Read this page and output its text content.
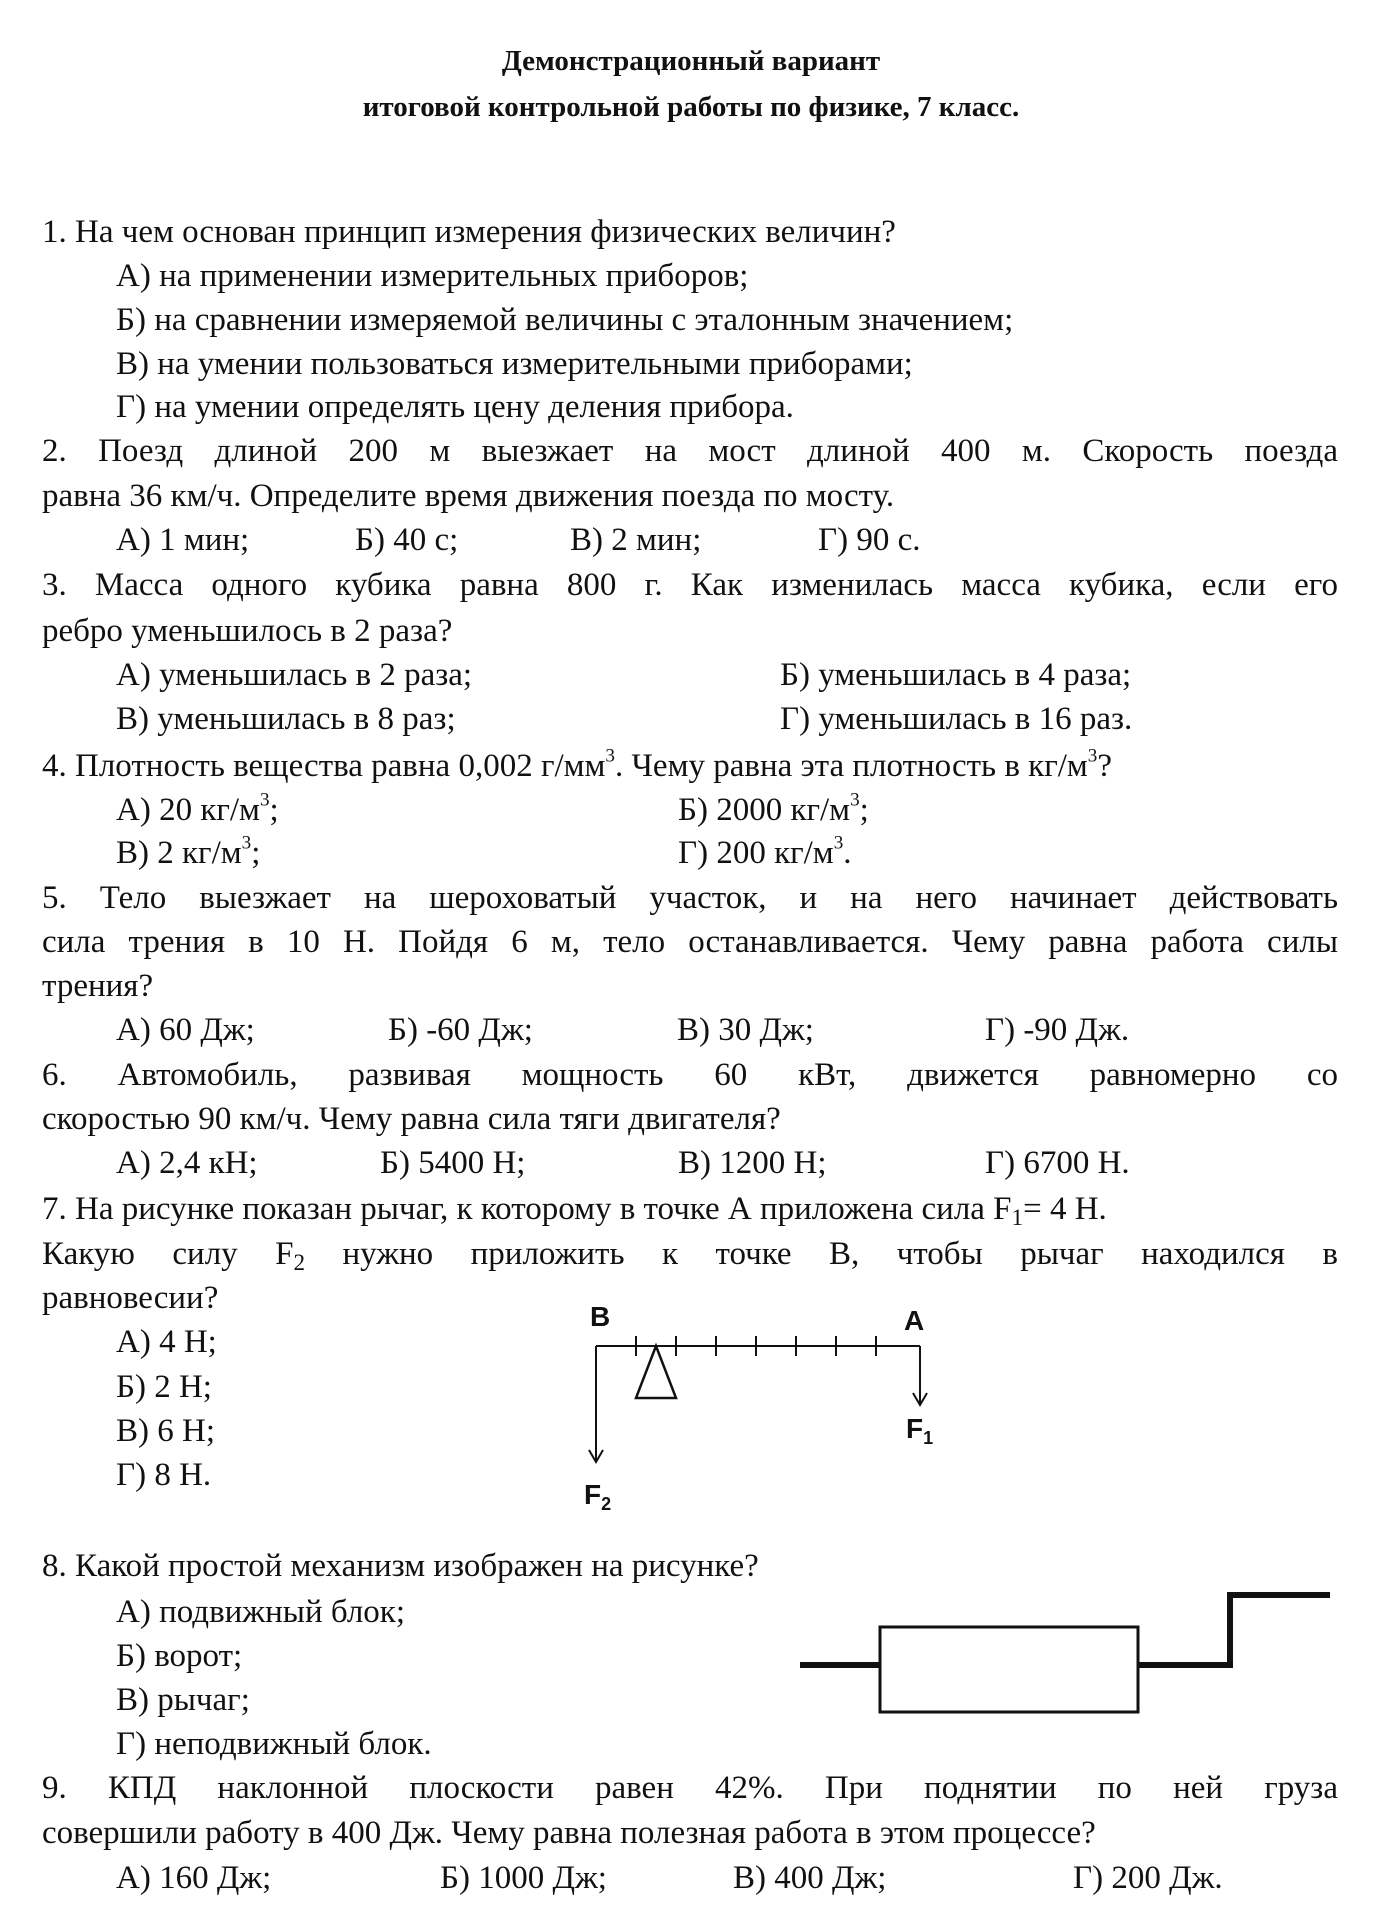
Демонстрационный вариант
итоговой контрольной работы по физике, 7 класс.
1. На чем основан принцип измерения физических величин?
А) на применении измерительных приборов;
Б) на сравнении измеряемой величины с эталонным значением;
В) на умении пользоваться измерительными приборами;
Г) на умении определять цену деления прибора.
2. Поезд длиной 200 м выезжает на мост длиной 400 м. Скорость поезда
равна 36 км/ч. Определите время движения поезда по мосту.
А) 1 мин;	Б) 40 с;	В) 2 мин;	Г) 90 с.
3. Масса одного кубика равна 800 г. Как изменилась масса кубика, если его
ребро уменьшилось в 2 раза?
А) уменьшилась в 2 раза;	Б) уменьшилась в 4 раза;
В) уменьшилась в 8 раз;	Г) уменьшилась в 16 раз.
4. Плотность вещества равна 0,002 $г/мм^3$. Чему равна эта плотность в $кг/м^3$?
А) 20 $кг/м^3$;	Б) 2000 $кг/м^3$;
В) 2 $кг/м^3$;	Г) 200 $кг/м^3$.
5. Тело выезжает на шероховатый участок, и на него начинает действовать
сила трения в 10 Н. Пойдя 6 м, тело останавливается. Чему равна работа силы
трения?
А) 60 Дж;	Б) -60 Дж;	В) 30 Дж;	Г) -90 Дж.
6. Автомобиль, развивая мощность 60 кВт, движется равномерно со
скоростью 90 км/ч. Чему равна сила тяги двигателя?
А) 2,4 кН;	Б) 5400 Н;	В) 1200 Н;	Г) 6700 Н.
7. На рисунке показан рычаг, к которому в точке А приложена сила $F_1= 4$ Н.
Какую силу $F_2$ нужно приложить к точке В, чтобы рычаг находился в
равновесии?
А) 4 Н;
Б) 2 Н;
В) 6 Н;
Г) 8 Н.
B	A
$F_1$
$F_2$
8. Какой простой механизм изображен на рисунке?
А) подвижный блок;
Б) ворот;
В) рычаг;
Г) неподвижный блок.
9. КПД наклонной плоскости равен 42%. При поднятии по ней груза
совершили работу в 400 Дж. Чему равна полезная работа в этом процессе?
А) 160 Дж;	Б) 1000 Дж;	В) 400 Дж;	Г) 200 Дж.
